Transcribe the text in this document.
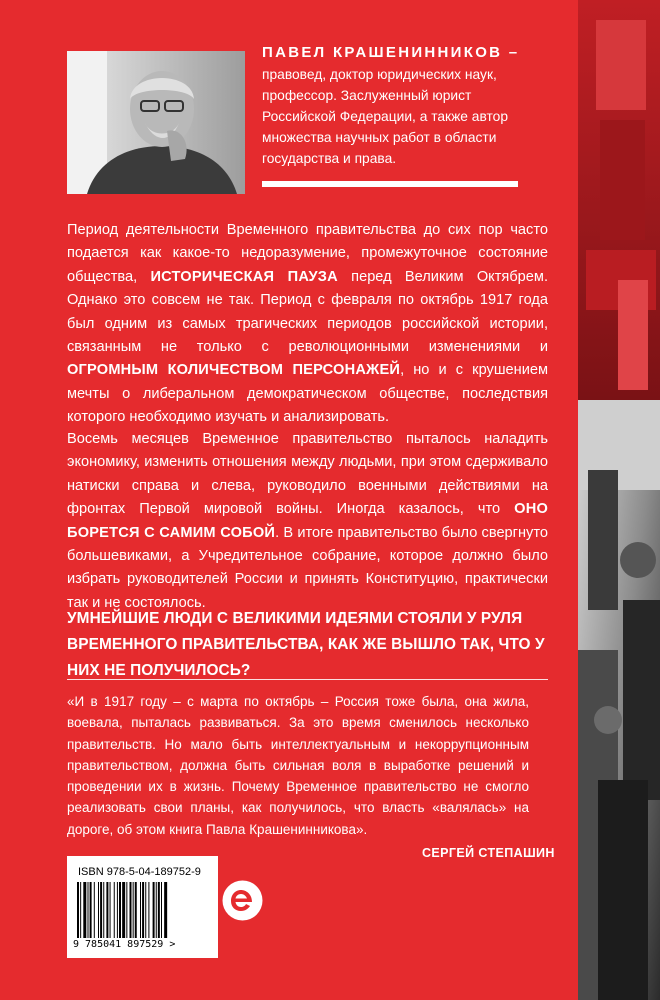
ПАВЕЛ КРАШЕНИННИКОВ –

правовед, доктор юридических наук, профессор. Заслуженный юрист Российской Федерации, а также автор множества научных работ в области государства и права.

Период деятельности Временного правительства до сих пор часто подается как какое-то недоразумение, промежуточное состояние общества, ИСТОРИЧЕСКАЯ ПАУЗА перед Великим Октябрем. Однако это совсем не так. Период с февраля по октябрь 1917 года был одним из самых трагических периодов российской истории, связанным не только с революционными изменениями и ОГРОМНЫМ КОЛИЧЕСТВОМ ПЕРСОНАЖЕЙ, но и с крушением мечты о либеральном демократическом обществе, последствия которого необходимо изучать и анализировать.

Восемь месяцев Временное правительство пыталось наладить экономику, изменить отношения между людьми, при этом сдерживало натиски справа и слева, руководило военными действиями на фронтах Первой мировой войны. Иногда казалось, что ОНО БОРЕТСЯ С САМИМ СОБОЙ. В итоге правительство было свергнуто большевиками, а Учредительное собрание, которое должно было избрать руководителей России и принять Конституцию, практически так и не состоялось.

УМНЕЙШИЕ ЛЮДИ С ВЕЛИКИМИ ИДЕЯМИ СТОЯЛИ У РУЛЯ ВРЕМЕННОГО ПРАВИТЕЛЬСТВА, КАК ЖЕ ВЫШЛО ТАК, ЧТО У НИХ НЕ ПОЛУЧИЛОСЬ?

«И в 1917 году – с марта по октябрь – Россия тоже была, она жила, воевала, пыталась развиваться. За это время сменилось несколько правительств. Но мало быть интеллектуальным и некоррупционным правительством, должна быть сильная воля в выработке решений и проведении их в жизнь. Почему Временное правительство не смогло реализовать свои планы, как получилось, что власть «валялась» на дороге, об этом книга Павла Крашенинникова».

СЕРГЕЙ СТЕПАШИН

ISBN 978-5-04-189752-9

9 785041 897529 >
